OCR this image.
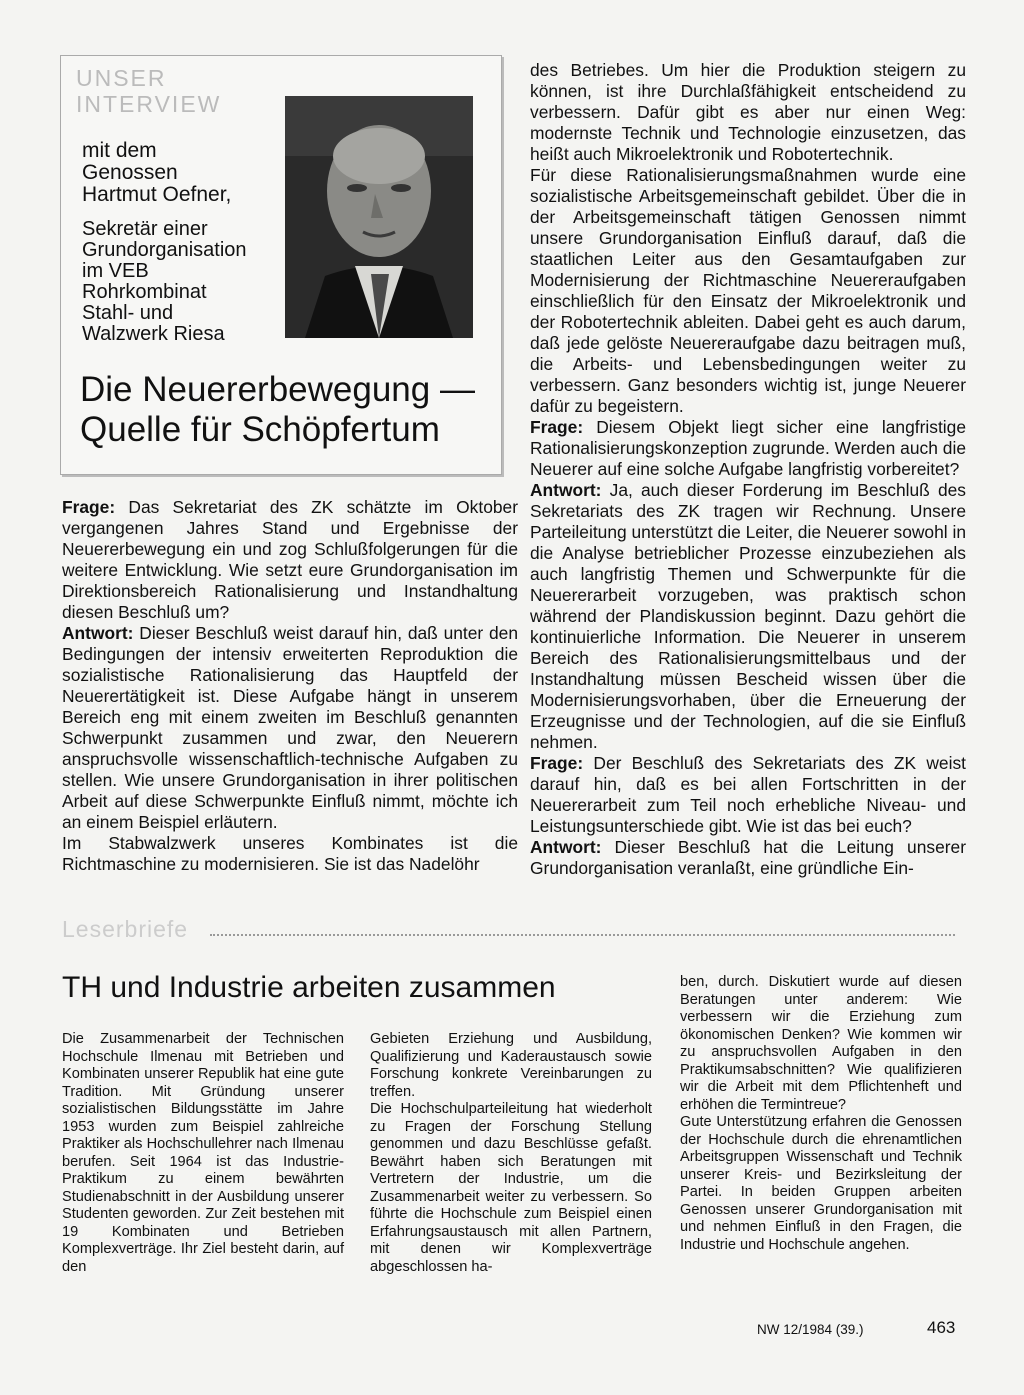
UNSER
INTERVIEW
mit dem
Genossen
Hartmut Oefner,
Sekretär einer
Grundorganisation
im VEB
Rohrkombinat
Stahl- und
Walzwerk Riesa
Die Neuererbewegung —
Quelle für Schöpfertum

Frage: Das Sekretariat des ZK schätzte im Oktober vergangenen Jahres Stand und Ergebnisse der Neuererbewegung ein und zog Schlußfolgerungen für die weitere Entwicklung. Wie setzt eure Grundorganisation im Direktionsbereich Rationalisierung und Instandhaltung diesen Beschluß um?

Antwort: Dieser Beschluß weist darauf hin, daß unter den Bedingungen der intensiv erweiterten Reproduktion die sozialistische Rationalisierung das Hauptfeld der Neuerertätigkeit ist. Diese Aufgabe hängt in unserem Bereich eng mit einem zweiten im Beschluß genannten Schwerpunkt zusammen und zwar, den Neuerern anspruchsvolle wissenschaftlich-technische Aufgaben zu stellen. Wie unsere Grundorganisation in ihrer politischen Arbeit auf diese Schwerpunkte Einfluß nimmt, möchte ich an einem Beispiel erläutern.

Im Stabwalzwerk unseres Kombinates ist die Richtmaschine zu modernisieren. Sie ist das Nadelöhr

des Betriebes. Um hier die Produktion steigern zu können, ist ihre Durchlaßfähigkeit entscheidend zu verbessern. Dafür gibt es aber nur einen Weg: modernste Technik und Technologie einzusetzen, das heißt auch Mikroelektronik und Robotertechnik.

Für diese Rationalisierungsmaßnahmen wurde eine sozialistische Arbeitsgemeinschaft gebildet. Über die in der Arbeitsgemeinschaft tätigen Genossen nimmt unsere Grundorganisation Einfluß darauf, daß die staatlichen Leiter aus den Gesamtaufgaben zur Modernisierung der Richtmaschine Neuereraufgaben einschließlich für den Einsatz der Mikroelektronik und der Robotertechnik ableiten. Dabei geht es auch darum, daß jede gelöste Neuereraufgabe dazu beitragen muß, die Arbeits- und Lebensbedingungen weiter zu verbessern. Ganz besonders wichtig ist, junge Neuerer dafür zu begeistern.

Frage: Diesem Objekt liegt sicher eine langfristige Rationalisierungskonzeption zugrunde. Werden auch die Neuerer auf eine solche Aufgabe langfristig vorbereitet?

Antwort: Ja, auch dieser Forderung im Beschluß des Sekretariats des ZK tragen wir Rechnung. Unsere Parteileitung unterstützt die Leiter, die Neuerer sowohl in die Analyse betrieblicher Prozesse einzubeziehen als auch langfristig Themen und Schwerpunkte für die Neuererarbeit vorzugeben, was praktisch schon während der Plandiskussion beginnt. Dazu gehört die kontinuierliche Information. Die Neuerer in unserem Bereich des Rationalisierungsmittelbaus und der Instandhaltung müssen Bescheid wissen über die Modernisierungsvorhaben, über die Erneuerung der Erzeugnisse und der Technologien, auf die sie Einfluß nehmen.

Frage: Der Beschluß des Sekretariats des ZK weist darauf hin, daß es bei allen Fortschritten in der Neuererarbeit zum Teil noch erhebliche Niveau- und Leistungsunterschiede gibt. Wie ist das bei euch?

Antwort: Dieser Beschluß hat die Leitung unserer Grundorganisation veranlaßt, eine gründliche Ein-

Leserbriefe
TH und Industrie arbeiten zusammen

Die Zusammenarbeit der Technischen Hochschule Ilmenau mit Betrieben und Kombinaten unserer Republik hat eine gute Tradition. Mit Gründung unserer sozialistischen Bildungsstätte im Jahre 1953 wurden zum Beispiel zahlreiche Praktiker als Hochschullehrer nach Ilmenau berufen. Seit 1964 ist das Industrie-Praktikum zu einem bewährten Studienabschnitt in der Ausbildung unserer Studenten geworden. Zur Zeit bestehen mit 19 Kombinaten und Betrieben Komplexverträge. Ihr Ziel besteht darin, auf den

Gebieten Erziehung und Ausbildung, Qualifizierung und Kaderaustausch sowie Forschung konkrete Vereinbarungen zu treffen.

Die Hochschulparteileitung hat wiederholt zu Fragen der Forschung Stellung genommen und dazu Beschlüsse gefaßt. Bewährt haben sich Beratungen mit Vertretern der Industrie, um die Zusammenarbeit weiter zu verbessern. So führte die Hochschule zum Beispiel einen Erfahrungsaustausch mit allen Partnern, mit denen wir Komplexverträge abgeschlossen ha-

ben, durch. Diskutiert wurde auf diesen Beratungen unter anderem: Wie verbessern wir die Erziehung zum ökonomischen Denken? Wie kommen wir zu anspruchsvollen Aufgaben in den Praktikumsabschnitten? Wie qualifizieren wir die Arbeit mit dem Pflichtenheft und erhöhen die Termintreue?

Gute Unterstützung erfahren die Genossen der Hochschule durch die ehrenamtlichen Arbeitsgruppen Wissenschaft und Technik unserer Kreis- und Bezirksleitung der Partei. In beiden Gruppen arbeiten Genossen unserer Grundorganisation mit und nehmen Einfluß in den Fragen, die Industrie und Hochschule angehen.

NW 12/1984 (39.)	463
